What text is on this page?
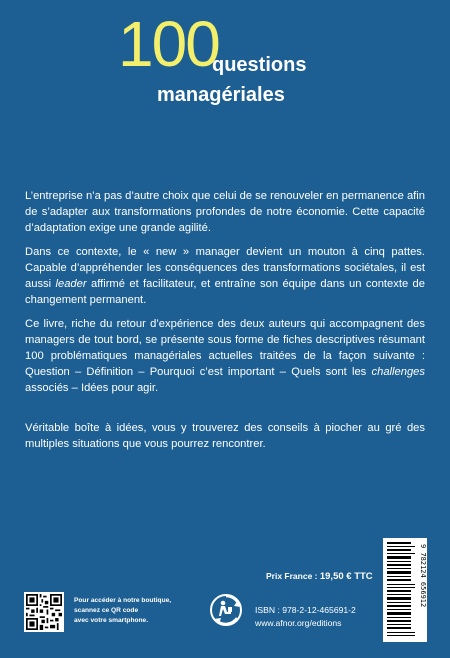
100
questions
managériales

L’entreprise n’a pas d’autre choix que celui de se renouveler en permanence afin de s’adapter aux transformations profondes de notre économie. Cette capacité d’adaptation exige une grande agilité.

Dans ce contexte, le « new » manager devient un mouton à cinq pattes. Capable d’appréhender les conséquences des transformations sociétales, il est aussi leader affirmé et facilitateur, et entraîne son équipe dans un contexte de changement permanent.

Ce livre, riche du retour d’expérience des deux auteurs qui accompagnent des managers de tout bord, se présente sous forme de fiches descriptives résumant 100 problématiques managériales actuelles traitées de la façon suivante : Question – Définition – Pourquoi c’est important – Quels sont les challenges associés – Idées pour agir.

Véritable boîte à idées, vous y trouverez des conseils à piocher au gré des multiples situations que vous pourrez rencontrer.

Prix France : 19,50 € TTC	9 782124 656912
Pour accéder à notre boutique,
scannez ce QR code
avec votre smartphone.
ISBN : 978-2-12-465691-2
www.afnor.org/editions
